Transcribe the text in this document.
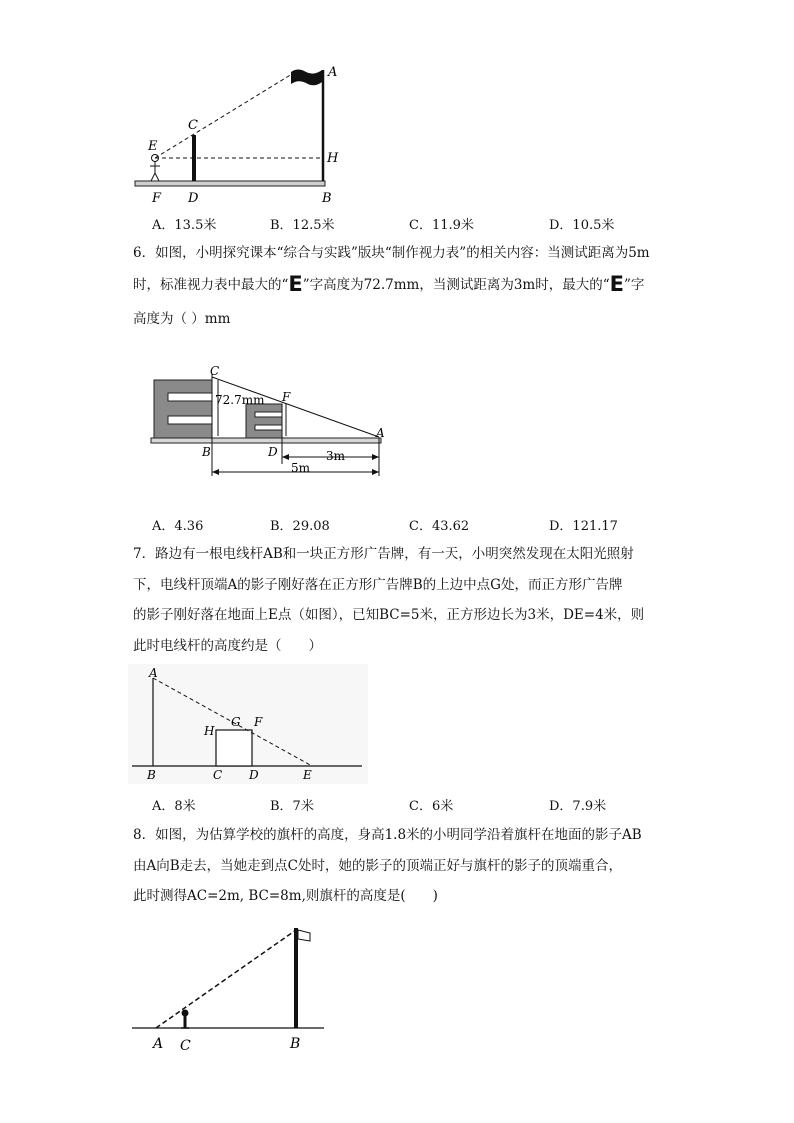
A
C
E
H
F D	B
A．13.5米	B．12.5米	C．11.9米	D．10.5米
6．如图，小明探究课本“综合与实践”版块“制作视力表”的相关内容：当测试距离为5m
时，标准视力表中最大的“E”字高度为72.7mm，当测试距离为3m时，最大的“E”字
高度为（ ）mm
C
F
72.7mm
B	D
A
3m
5m
A．4.36	B．29.08	C．43.62	D．121.17
7．路边有一根电线杆AB和一块正方形广告牌，有一天，小明突然发现在太阳光照射
下，电线杆顶端A的影子刚好落在正方形广告牌B的上边中点G处，而正方形广告牌
的影子刚好落在地面上E点（如图），已知BC=5米，正方形边长为3米，DE=4米，则
此时电线杆的高度约是（　　）
A
H
G F
B	C D	E
A．8米	B．7米	C．6米	D．7.9米
8．如图，为估算学校的旗杆的高度，身高1.8米的小明同学沿着旗杆在地面的影子AB
由A向B走去，当她走到点C处时，她的影子的顶端正好与旗杆的影子的顶端重合，
此时测得AC=2m, BC=8m,则旗杆的高度是(　　)
A C	B
